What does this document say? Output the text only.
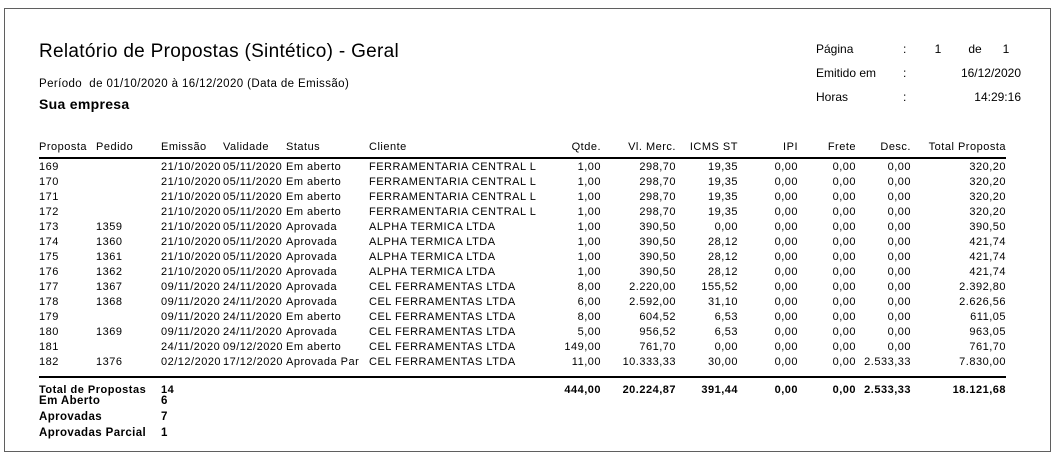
Relatório de Propostas (Sintético) - Geral	Página	:	1	de	1
Emitido em :	16/12/2020
Horas	:	14:29:16
Período  de 01/10/2020 à 16/12/2020 (Data de Emissão)
Sua empresa
Proposta	Pedido	Emissão	Validade	Status	Cliente	Qtde.	Vl. Merc.	ICMS ST	IPI	Frete	Desc.	Total Proposta
169		21/10/2020	05/11/2020	Em aberto	FERRAMENTARIA CENTRAL L	1,00	298,70	19,35	0,00	0,00	0,00	320,20
170		21/10/2020	05/11/2020	Em aberto	FERRAMENTARIA CENTRAL L	1,00	298,70	19,35	0,00	0,00	0,00	320,20
171		21/10/2020	05/11/2020	Em aberto	FERRAMENTARIA CENTRAL L	1,00	298,70	19,35	0,00	0,00	0,00	320,20
172		21/10/2020	05/11/2020	Em aberto	FERRAMENTARIA CENTRAL L	1,00	298,70	19,35	0,00	0,00	0,00	320,20
173	1359	21/10/2020	05/11/2020	Aprovada	ALPHA TERMICA LTDA	1,00	390,50	0,00	0,00	0,00	0,00	390,50
174	1360	21/10/2020	05/11/2020	Aprovada	ALPHA TERMICA LTDA	1,00	390,50	28,12	0,00	0,00	0,00	421,74
175	1361	21/10/2020	05/11/2020	Aprovada	ALPHA TERMICA LTDA	1,00	390,50	28,12	0,00	0,00	0,00	421,74
176	1362	21/10/2020	05/11/2020	Aprovada	ALPHA TERMICA LTDA	1,00	390,50	28,12	0,00	0,00	0,00	421,74
177	1367	09/11/2020	24/11/2020	Aprovada	CEL FERRAMENTAS LTDA	8,00	2.220,00	155,52	0,00	0,00	0,00	2.392,80
178	1368	09/11/2020	24/11/2020	Aprovada	CEL FERRAMENTAS LTDA	6,00	2.592,00	31,10	0,00	0,00	0,00	2.626,56
179		09/11/2020	24/11/2020	Em aberto	CEL FERRAMENTAS LTDA	8,00	604,52	6,53	0,00	0,00	0,00	611,05
180	1369	09/11/2020	24/11/2020	Aprovada	CEL FERRAMENTAS LTDA	5,00	956,52	6,53	0,00	0,00	0,00	963,05
181		24/11/2020	09/12/2020	Em aberto	CEL FERRAMENTAS LTDA	149,00	761,70	0,00	0,00	0,00	0,00	761,70
182	1376	02/12/2020	17/12/2020	Aprovada Par	CEL FERRAMENTAS LTDA	11,00	10.333,33	30,00	0,00	0,00	2.533,33	7.830,00

Total de Propostas		14				444,00	20.224,87	391,44	0,00	0,00	2.533,33	18.121,68
Em Aberto	6
Aprovadas	7
Aprovadas Parcial 1
